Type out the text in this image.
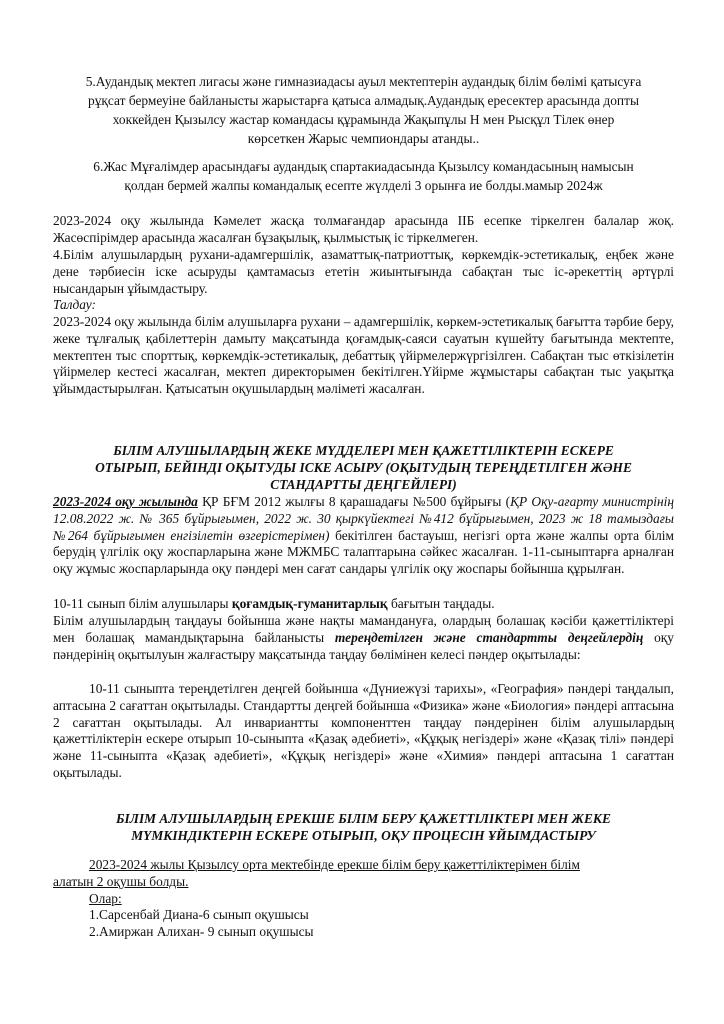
5.Аудандық мектеп лигасы және гимназиадасы ауыл мектептерін аудандық білім бөлімі қатысуға
рұқсат бермеуіне байланысты жарыстарға қатыса алмадық.Аудандық ересектер арасында допты
хоккейден Қызылсу жастар командасы құрамында Жақыпұлы Н мен Рысқұл Тілек өнер
көрсеткен Жарыс чемпиондары атанды..
6.Жас Мұғалімдер арасындағы аудандық спартакиадасында Қызылсу командасының намысын
қолдан бермей жалпы командалық есепте жүлделі 3 орынға ие болды.мамыр 2024ж

2023-2024 оқу жылында Кәмелет жасқа толмағандар арасында ІІБ есепке тіркелген балалар жоқ. Жасөспірімдер арасында жасалған бұзақылық, қылмыстық іс тіркелмеген.

4.Білім алушылардың рухани-адамгершілік, азаматтық-патриоттық, көркемдік-эстетикалық, еңбек және дене тәрбиесін іске асыруды қамтамасыз ететін жиынтығында сабақтан тыс іс-әрекеттің әртүрлі нысандарын ұйымдастыру.

Талдау:

2023-2024 оқу жылында білім алушыларға рухани – адамгершілік, көркем-эстетикалық бағытта тәрбие беру, жеке тұлғалық қабілеттерін дамыту мақсатында қоғамдық-саяси сауатын күшейту бағытында мектепте, мектептен тыс спорттық, көркемдік-эстетикалық, дебаттық үйірмелержүргізілген. Сабақтан тыс өткізілетін үйірмелер кестесі жасалған, мектеп директорымен бекітілген.Үйірме жұмыстары сабақтан тыс уақытқа ұйымдастырылған. Қатысатын оқушылардың мәліметі жасалған.

БІЛІМ АЛУШЫЛАРДЫҢ ЖЕКЕ МҮДДЕЛЕРІ МЕН ҚАЖЕТТІЛІКТЕРІН ЕСКЕРЕ
ОТЫРЫП, БЕЙІНДІ ОҚЫТУДЫ ІСКЕ АСЫРУ (ОҚЫТУДЫҢ ТЕРЕҢДЕТІЛГЕН ЖӘНЕ
СТАНДАРТТЫ ДЕҢГЕЙЛЕРІ)

2023-2024 оқу жылында ҚР БҒМ 2012 жылғы 8 қарашадағы №500 бұйрығы (ҚР Оқу-ағарту министрінің 12.08.2022 ж. № 365 бұйрығымен, 2022 ж. 30 қыркүйектегі №412 бұйрығымен, 2023 ж 18 тамыздағы №264 бұйрығымен енгізілетін өзгерістерімен) бекітілген бастауыш, негізгі орта және жалпы орта білім берудің үлгілік оқу жоспарларына және МЖМБС талаптарына сәйкес жасалған. 1-11-сыныптарға арналған оқу жұмыс жоспарларында оқу пәндері мен сағат сандары үлгілік оқу жоспары бойынша құрылған.

10-11 сынып білім алушылары қоғамдық-гуманитарлық бағытын таңдады.

Білім алушылардың таңдауы бойынша және нақты мамандануға, олардың болашақ кәсіби қажеттіліктері мен болашақ мамандықтарына байланысты тереңдетілген және стандартты деңгейлердің оқу пәндерінің оқытылуын жалғастыру мақсатында таңдау бөлімінен келесі пәндер оқытылады:

10-11 сыныпта тереңдетілген деңгей бойынша «Дүниежүзі тарихы», «География» пәндері таңдалып, аптасына 2 сағаттан оқытылады. Стандартты деңгей бойынша «Физика» және «Биология» пәндері аптасына 2 сағаттан оқытылады. Ал инвариантты компоненттен таңдау пәндерінен білім алушылардың қажеттіліктерін ескере отырып 10-сыныпта «Қазақ әдебиеті», «Құқық негіздері» және «Қазақ тілі» пәндері және 11-сыныпта «Қазақ әдебиеті», «Құқық негіздері» және «Химия» пәндері аптасына 1 сағаттан оқытылады.

БІЛІМ АЛУШЫЛАРДЫҢ ЕРЕКШЕ БІЛІМ БЕРУ ҚАЖЕТТІЛІКТЕРІ МЕН ЖЕКЕ
МҮМКІНДІКТЕРІН ЕСКЕРЕ ОТЫРЫП, ОҚУ ПРОЦЕСІН ҰЙЫМДАСТЫРУ
2023-2024 жылы Қызылсу орта мектебінде ерекше білім беру қажеттіліктерімен білім
алатын 2 оқушы болды.
Олар:
1.Сарсенбай Диана-6 сынып оқушысы
2.Амиржан Алихан- 9 сынып оқушысы
